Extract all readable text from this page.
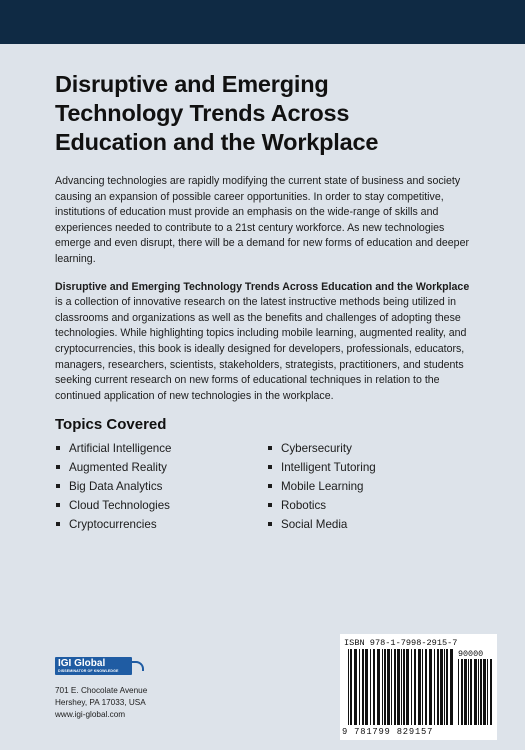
Disruptive and Emerging
Technology Trends Across
Education and the Workplace

Advancing technologies are rapidly modifying the current state of business and society causing an expansion of possible career opportunities. In order to stay competitive, institutions of education must provide an emphasis on the wide-range of skills and experiences needed to contribute to a 21st century workforce. As new technologies emerge and even disrupt, there will be a demand for new forms of education and deeper learning.

Disruptive and Emerging Technology Trends Across Education and the Workplace is a collection of innovative research on the latest instructive methods being utilized in classrooms and organizations as well as the benefits and challenges of adopting these technologies. While highlighting topics including mobile learning, augmented reality, and cryptocurrencies, this book is ideally designed for developers, professionals, educators, managers, researchers, scientists, stakeholders, strategists, practitioners, and students seeking current research on new forms of educational techniques in relation to the continued application of new technologies in the workplace.

Topics Covered
Artificial Intelligence
Augmented Reality
Big Data Analytics
Cloud Technologies
Cryptocurrencies
Cybersecurity
Intelligent Tutoring
Mobile Learning
Robotics
Social Media
IGI Global
DISSEMINATOR OF KNOWLEDGE
701 E. Chocolate Avenue
Hershey, PA 17033, USA
www.igi-global.com
ISBN 978-1-7998-2915-7
90000
9 781799 829157
